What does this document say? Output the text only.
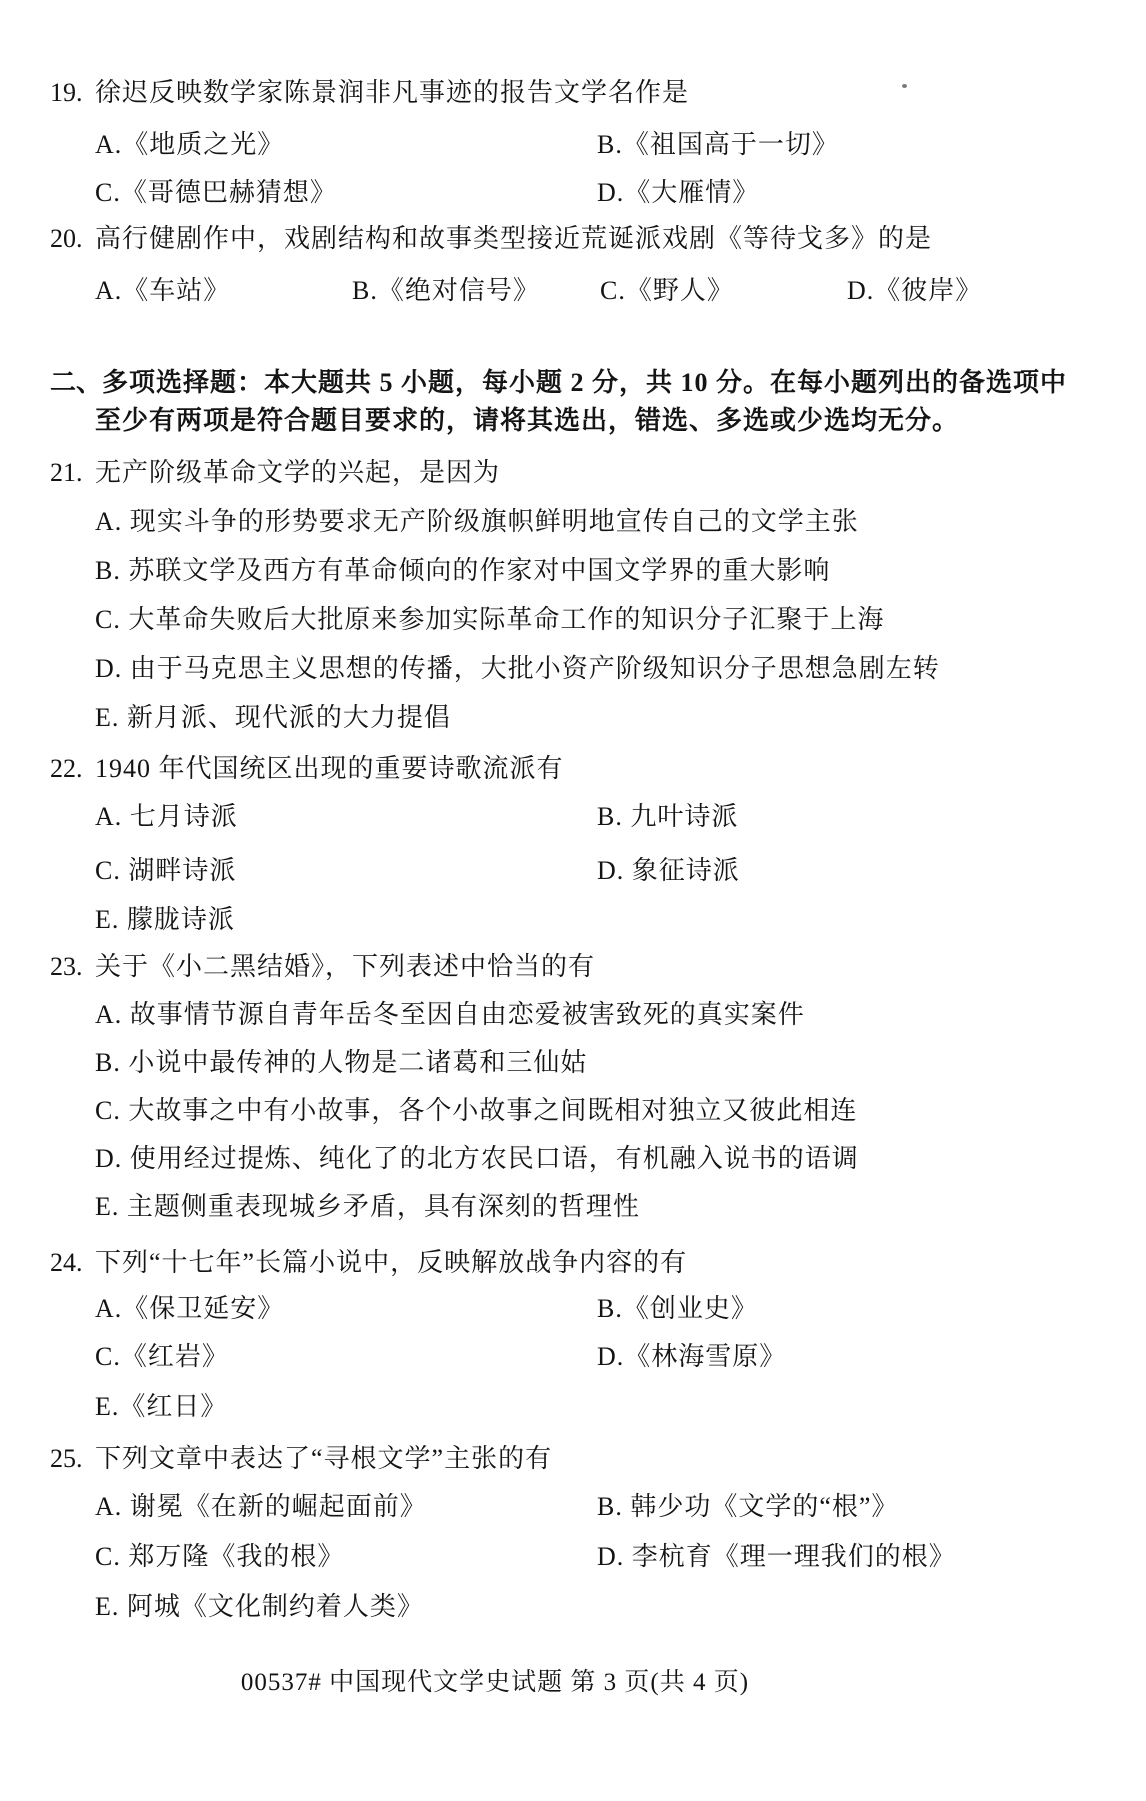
19. 徐迟反映数学家陈景润非凡事迹的报告文学名作是
A.《地质之光》	B.《祖国高于一切》
C.《哥德巴赫猜想》	D.《大雁情》
20. 高行健剧作中，戏剧结构和故事类型接近荒诞派戏剧《等待戈多》的是
A.《车站》	B.《绝对信号》 C.《野人》	D.《彼岸》
二、多项选择题：本大题共 5 小题，每小题 2 分，共 10 分。在每小题列出的备选项中
至少有两项是符合题目要求的，请将其选出，错选、多选或少选均无分。
21. 无产阶级革命文学的兴起，是因为
A. 现实斗争的形势要求无产阶级旗帜鲜明地宣传自己的文学主张
B. 苏联文学及西方有革命倾向的作家对中国文学界的重大影响
C. 大革命失败后大批原来参加实际革命工作的知识分子汇聚于上海
D. 由于马克思主义思想的传播，大批小资产阶级知识分子思想急剧左转
E. 新月派、现代派的大力提倡
22. 1940 年代国统区出现的重要诗歌流派有
A. 七月诗派	B. 九叶诗派
C. 湖畔诗派	D. 象征诗派
E. 朦胧诗派
23. 关于《小二黑结婚》，下列表述中恰当的有
A. 故事情节源自青年岳冬至因自由恋爱被害致死的真实案件
B. 小说中最传神的人物是二诸葛和三仙姑
C. 大故事之中有小故事，各个小故事之间既相对独立又彼此相连
D. 使用经过提炼、纯化了的北方农民口语，有机融入说书的语调
E. 主题侧重表现城乡矛盾，具有深刻的哲理性
24. 下列“十七年”长篇小说中，反映解放战争内容的有
A.《保卫延安》	B.《创业史》
C.《红岩》	D.《林海雪原》
E.《红日》
25. 下列文章中表达了“寻根文学”主张的有
A. 谢冕《在新的崛起面前》	B. 韩少功《文学的“根”》
C. 郑万隆《我的根》	D. 李杭育《理一理我们的根》
E. 阿城《文化制约着人类》
00537# 中国现代文学史试题 第 3 页(共 4 页)
